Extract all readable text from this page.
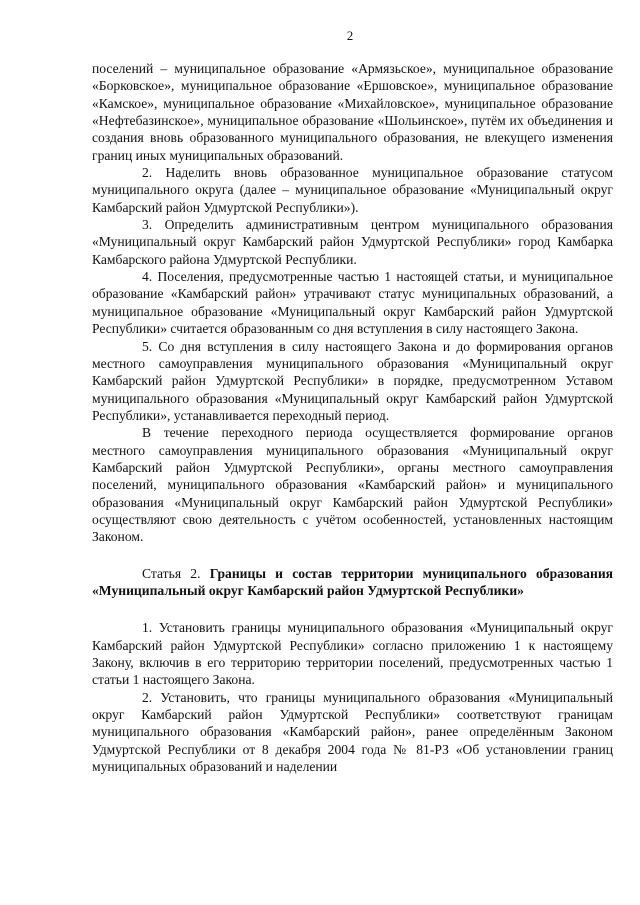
2

поселений – муниципальное образование «Армязьское», муниципальное образование «Борковское», муниципальное образование «Ершовское», муниципальное образование «Камское», муниципальное образование «Михайловское», муниципальное образование «Нефтебазинское», муниципальное образование «Шольинское», путём их объединения и создания вновь образованного муниципального образования, не влекущего изменения границ иных муниципальных образований.

2. Наделить вновь образованное муниципальное образование статусом муниципального округа (далее – муниципальное образование «Муниципальный округ Камбарский район Удмуртской Республики»).

3. Определить административным центром муниципального образования «Муниципальный округ Камбарский район Удмуртской Республики» город Камбарка Камбарского района Удмуртской Республики.

4. Поселения, предусмотренные частью 1 настоящей статьи, и муниципальное образование «Камбарский район» утрачивают статус муниципальных образований, а муниципальное образование «Муниципальный округ Камбарский район Удмуртской Республики» считается образованным со дня вступления в силу настоящего Закона.

5. Со дня вступления в силу настоящего Закона и до формирования органов местного самоуправления муниципального образования «Муниципальный округ Камбарский район Удмуртской Республики» в порядке, предусмотренном Уставом муниципального образования «Муниципальный округ Камбарский район Удмуртской Республики», устанавливается переходный период.

В течение переходного периода осуществляется формирование органов местного самоуправления муниципального образования «Муниципальный округ Камбарский район Удмуртской Республики», органы местного самоуправления поселений, муниципального образования «Камбарский район» и муниципального образования «Муниципальный округ Камбарский район Удмуртской Республики» осуществляют свою деятельность с учётом особенностей, установленных настоящим Законом.

Статья 2. Границы и состав территории муниципального образования «Муниципальный округ Камбарский район Удмуртской Республики»

1. Установить границы муниципального образования «Муниципальный округ Камбарский район Удмуртской Республики» согласно приложению 1 к настоящему Закону, включив в его территорию территории поселений, предусмотренных частью 1 статьи 1 настоящего Закона.

2. Установить, что границы муниципального образования «Муниципальный округ Камбарский район Удмуртской Республики» соответствуют границам муниципального образования «Камбарский район», ранее определённым Законом Удмуртской Республики от 8 декабря 2004 года № 81-РЗ «Об установлении границ муниципальных образований и наделении
